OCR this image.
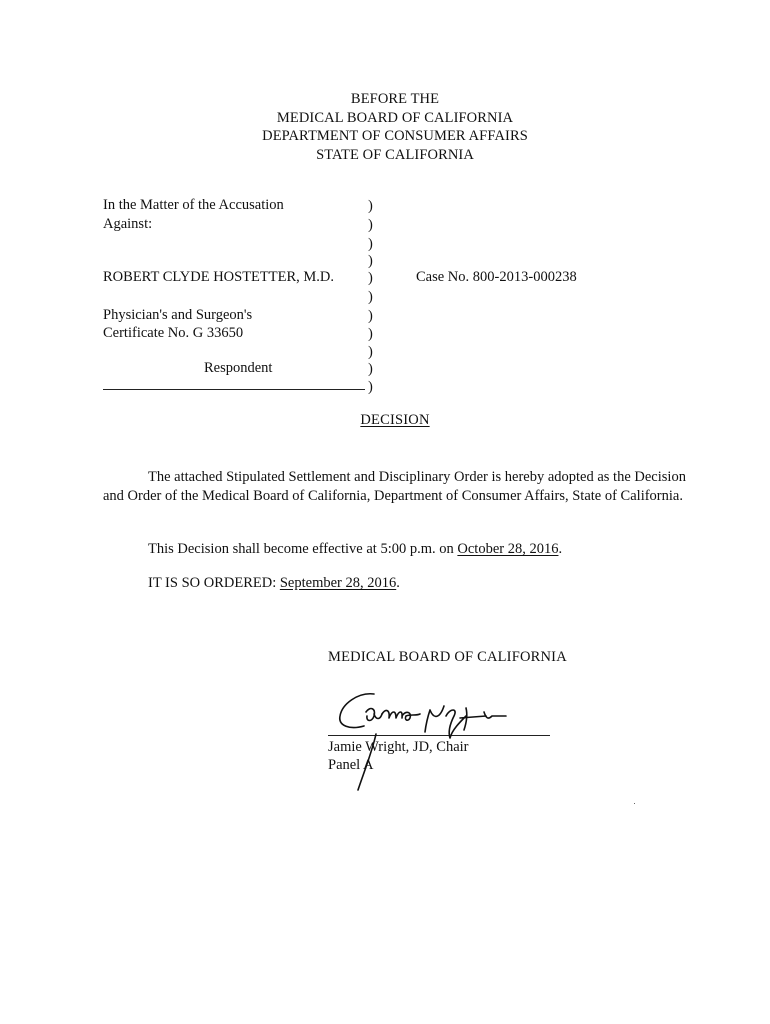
BEFORE THE
MEDICAL BOARD OF CALIFORNIA
DEPARTMENT OF CONSUMER AFFAIRS
STATE OF CALIFORNIA
In the Matter of the Accusation
Against:
ROBERT CLYDE HOSTETTER, M.D.
Physician's and Surgeon's
Certificate No. G 33650
Respondent
)
)
)
)
)
)
)
)
)
)
)
Case No. 800-2013-000238
DECISION

The attached Stipulated Settlement and Disciplinary Order is hereby adopted as the Decision and Order of the Medical Board of California, Department of Consumer Affairs, State of California.

This Decision shall become effective at 5:00 p.m. on October 28, 2016.
IT IS SO ORDERED: September 28, 2016.
MEDICAL BOARD OF CALIFORNIA
Jamie Wright, JD, Chair
Panel A
